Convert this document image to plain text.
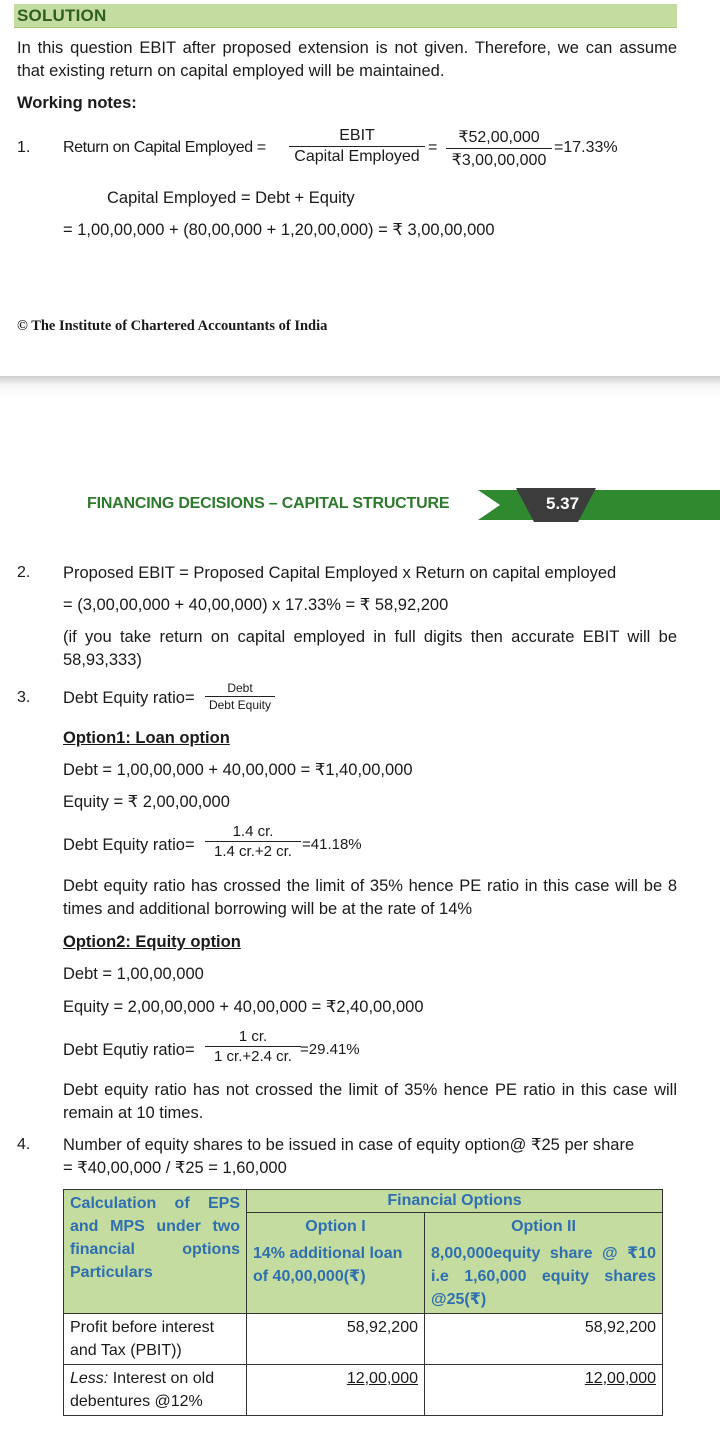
SOLUTION
In this question EBIT after proposed extension is not given. Therefore, we can assume that existing return on capital employed will be maintained.
Working notes:
1. Return on Capital Employed =
EBIT
Capital Employed
= $\frac{₹52,00,000}{₹3,00,00,000} =17.33\%$
Capital Employed = Debt + Equity
= 1,00,00,000 + (80,00,000 + 1,20,00,000) = ₹ 3,00,00,000
© The Institute of Chartered Accountants of India
FINANCING DECISIONS – CAPITAL STRUCTURE	5.37
2. Proposed EBIT = Proposed Capital Employed x Return on capital employed
= (3,00,00,000 + 40,00,000) x 17.33% = ₹ 58,92,200
(if you take return on capital employed in full digits then accurate EBIT will be 58,93,333)
3. Debt Equity ratio=
Debt
Debt Equity
Option1: Loan option
Debt = 1,00,00,000 + 40,00,000 = ₹1,40,00,000
Equity = ₹ 2,00,00,000
Debt Equity ratio= $\frac{1.4 cr.}{1.4 cr.+2 cr.} =41.18\%$
Debt equity ratio has crossed the limit of 35% hence PE ratio in this case will be 8 times and additional borrowing will be at the rate of 14%
Option2: Equity option
Debt = 1,00,00,000
Equity = 2,00,00,000 + 40,00,000 = ₹2,40,00,000
Debt Equtiy ratio= $\frac{1 cr.}{1 cr.+2.4 cr.} =29.41\%$
Debt equity ratio has not crossed the limit of 35% hence PE ratio in this case will remain at 10 times.
4. Number of equity shares to be issued in case of equity option@ ₹25 per share
= ₹40,00,000 / ₹25 = 1,60,000
Calculation of EPS and MPS under two financial options Particulars	Financial Options	
	Option I	Option II
	14% additional loan of 40,00,000(₹)	8,00,000equity share @ ₹10 i.e 1,60,000 equity shares @25(₹)
Profit before interest and Tax (PBIT))	58,92,200	58,92,200
Less: Interest on old debentures @12%	12,00,000	12,00,000
